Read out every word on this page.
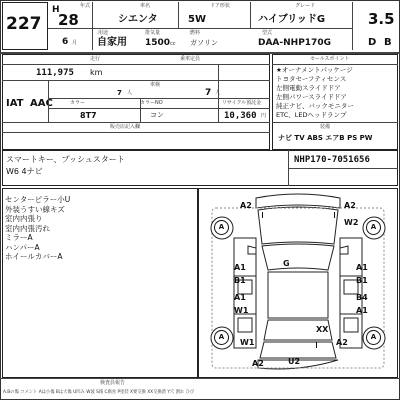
227
H
28
年式	車名	ドア形状	グレード
シエンタ	5W	ハイブリッドG
6 月
用途
自家用
排気量
1500 cc
燃料
ガソリン
型式
DAA-NHP170G
3.5
D B
走行	乗車定員
111,975 km
車検
7 人	7 人
IAT AAC	カラー	カラーNO	リサイクル預託金
8T7	コン	10,360 円
販売店記入欄
セールスポイント
★オーナメントパッケージ
トヨタセーフティセンス
左側電動スライドドア
左側パワースライドドア
純正ナビ、バックモニター
ETC、LEDヘッドランプ
装備
ナビ TV ABS エアB PS PW
スマートキー、プッシュスタート
W6 4ナビ
NHP170-7051656
センターピラー小U
外装うすい線キズ
室内内張り
室内内張汚れ
ミラーA
ハンパーA
ホイールカバーA
A	A
A	A
A2	A2
W2
G
A1
B1
A1
B1
A1
W1
B4
A1
XX
W1	A2
U2
A2
検査員報告
A.Bの傷 コメント Aは小傷 Bは大傷 U凹み W波 S錆 C腐食 P塗装 X要交換 XX交換済 Y穴 割れ ひび
